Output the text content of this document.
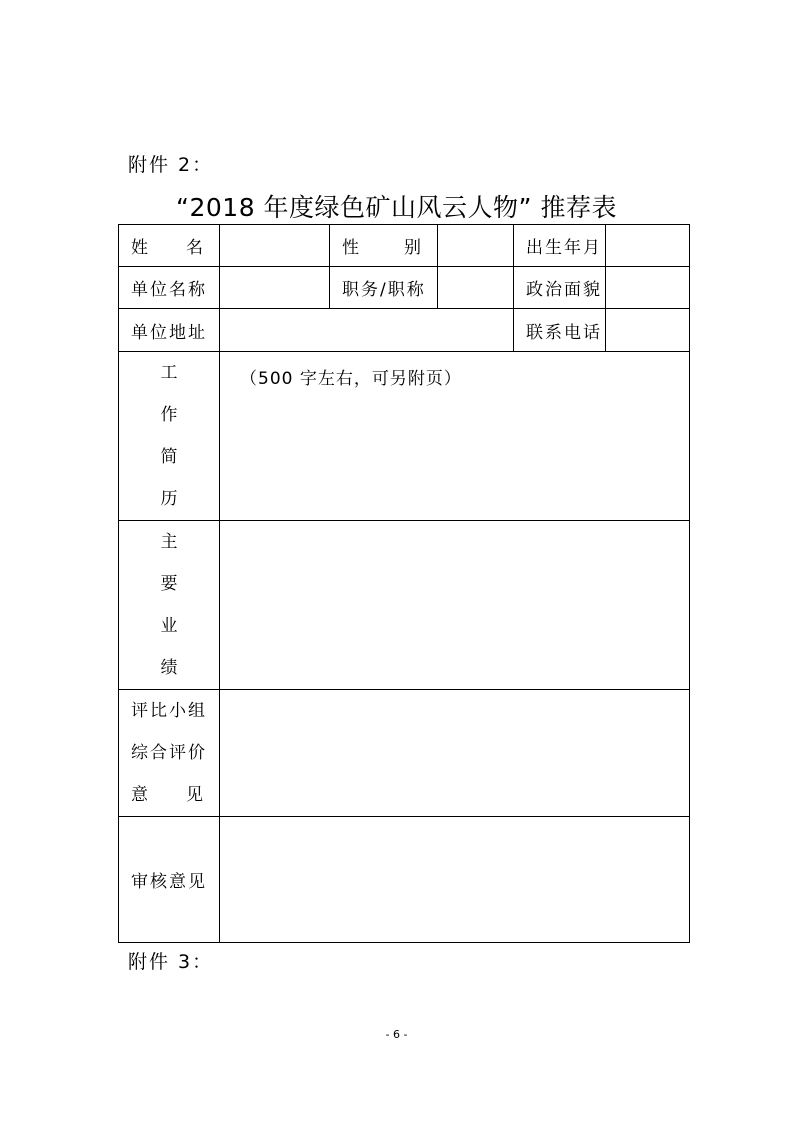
附件 2：
“2018 年度绿色矿山风云人物” 推荐表
姓 名		性 别		出生年月	
单位名称		职务/职称		政治面貌	
单位地址				联系电话	

工
作
简
历	（500 字左右，可另附页）				

主
要
业
绩					

评比小组
综合评价
意 见					

审核意见					
附件 3：
- 6 -
